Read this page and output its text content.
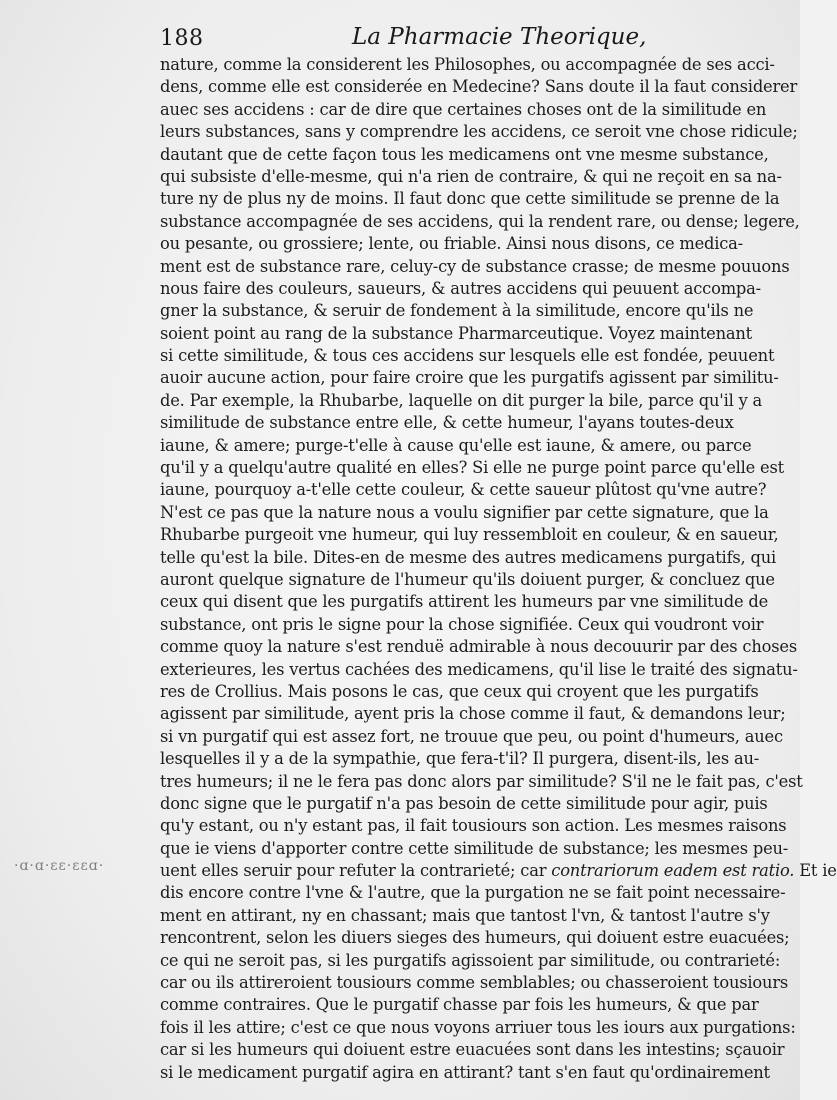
188	La Pharmacie Theorique,
·ɑ·ɑ·ɛɛ·ɛɛɑ·
nature, comme la considerent les Philosophes, ou accompagnée de ses acci-
dens, comme elle est considerée en Medecine? Sans doute il la faut considerer
auec ses accidens : car de dire que certaines choses ont de la similitude en
leurs substances, sans y comprendre les accidens, ce seroit vne chose ridicule;
dautant que de cette façon tous les medicamens ont vne mesme substance,
qui subsiste d'elle-mesme, qui n'a rien de contraire, & qui ne reçoit en sa na-
ture ny de plus ny de moins. Il faut donc que cette similitude se prenne de la
substance accompagnée de ses accidens, qui la rendent rare, ou dense; legere,
ou pesante, ou grossiere; lente, ou friable. Ainsi nous disons, ce medica-
ment est de substance rare, celuy-cy de substance crasse; de mesme pouuons
nous faire des couleurs, saueurs, & autres accidens qui peuuent accompa-
gner la substance, & seruir de fondement à la similitude, encore qu'ils ne
soient point au rang de la substance Pharmarceutique. Voyez maintenant
si cette similitude, & tous ces accidens sur lesquels elle est fondée, peuuent
auoir aucune action, pour faire croire que les purgatifs agissent par similitu-
de. Par exemple, la Rhubarbe, laquelle on dit purger la bile, parce qu'il y a
similitude de substance entre elle, & cette humeur, l'ayans toutes-deux
iaune, & amere; purge-t'elle à cause qu'elle est iaune, & amere, ou parce
qu'il y a quelqu'autre qualité en elles? Si elle ne purge point parce qu'elle est
iaune, pourquoy a-t'elle cette couleur, & cette saueur plûtost qu'vne autre?
N'est ce pas que la nature nous a voulu signifier par cette signature, que la
Rhubarbe purgeoit vne humeur, qui luy ressembloit en couleur, & en saueur,
telle qu'est la bile. Dites-en de mesme des autres medicamens purgatifs, qui
auront quelque signature de l'humeur qu'ils doiuent purger, & concluez que
ceux qui disent que les purgatifs attirent les humeurs par vne similitude de
substance, ont pris le signe pour la chose signifiée. Ceux qui voudront voir
comme quoy la nature s'est renduë admirable à nous decouurir par des choses
exterieures, les vertus cachées des medicamens, qu'il lise le traité des signatu-
res de Crollius. Mais posons le cas, que ceux qui croyent que les purgatifs
agissent par similitude, ayent pris la chose comme il faut, & demandons leur;
si vn purgatif qui est assez fort, ne trouue que peu, ou point d'humeurs, auec
lesquelles il y a de la sympathie, que fera-t'il? Il purgera, disent-ils, les au-
tres humeurs; il ne le fera pas donc alors par similitude? S'il ne le fait pas, c'est
donc signe que le purgatif n'a pas besoin de cette similitude pour agir, puis
qu'y estant, ou n'y estant pas, il fait tousiours son action. Les mesmes raisons
que ie viens d'apporter contre cette similitude de substance; les mesmes peu-
uent elles seruir pour refuter la contrarieté; car contrariorum eadem est ratio. Et ie
dis encore contre l'vne & l'autre, que la purgation ne se fait point necessaire-
ment en attirant, ny en chassant; mais que tantost l'vn, & tantost l'autre s'y
rencontrent, selon les diuers sieges des humeurs, qui doiuent estre euacuées;
ce qui ne seroit pas, si les purgatifs agissoient par similitude, ou contrarieté:
car ou ils attireroient tousiours comme semblables; ou chasseroient tousiours
comme contraires. Que le purgatif chasse par fois les humeurs, & que par
fois il les attire; c'est ce que nous voyons arriuer tous les iours aux purgations:
car si les humeurs qui doiuent estre euacuées sont dans les intestins; sçauoir
si le medicament purgatif agira en attirant? tant s'en faut qu'ordinairement
